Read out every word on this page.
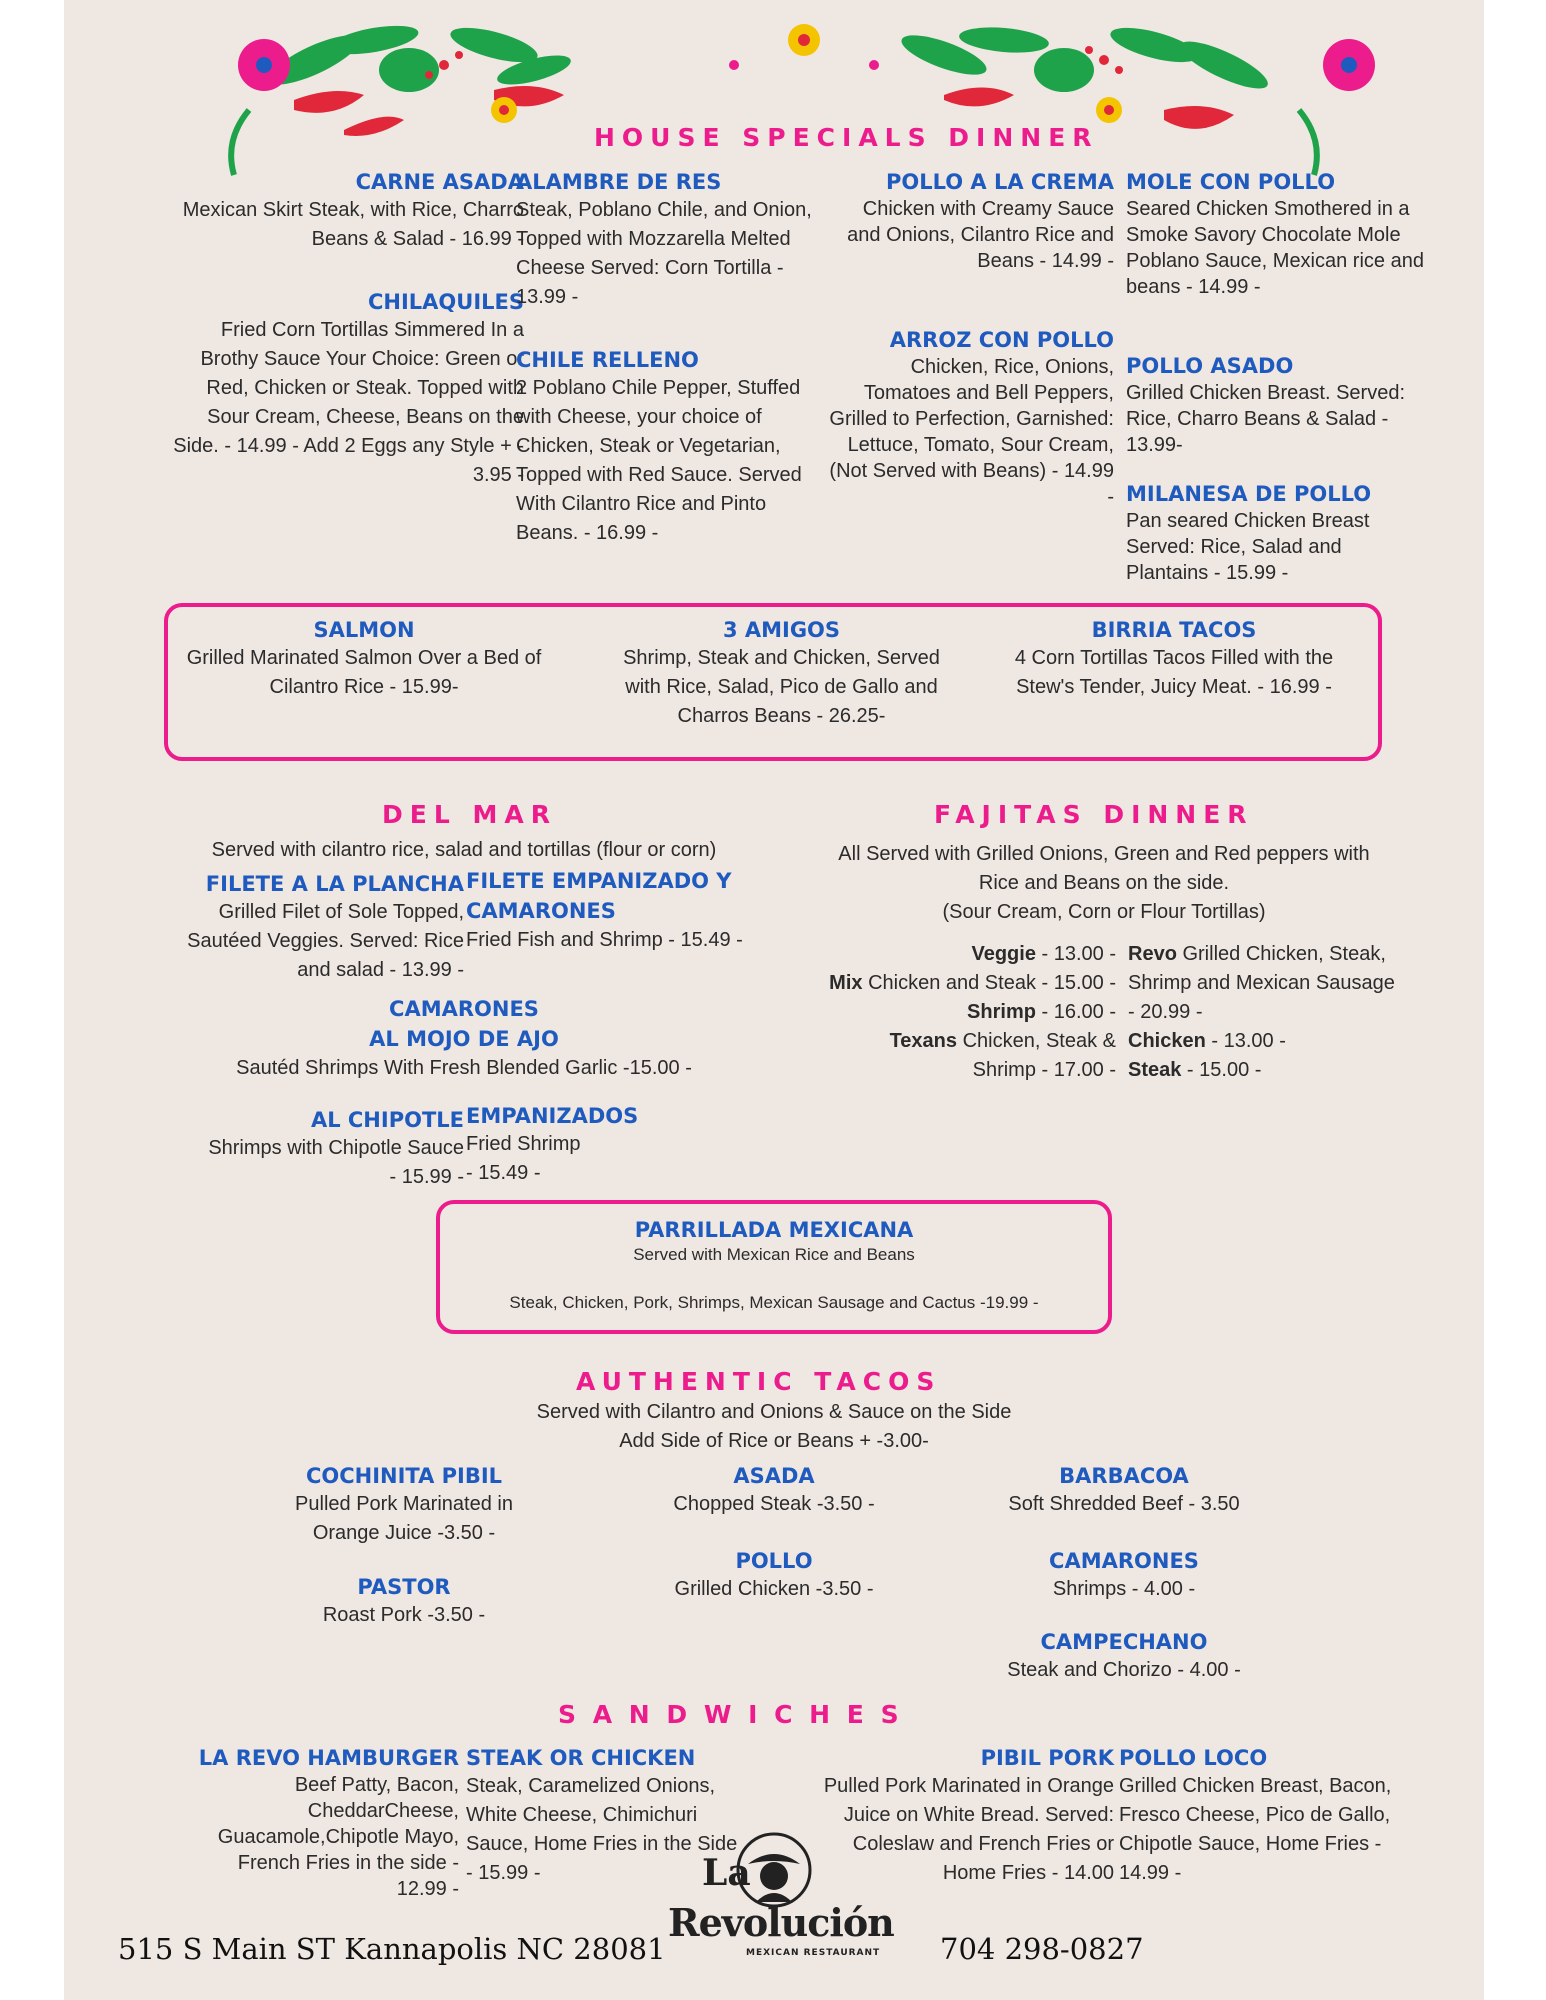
HOUSE SPECIALS DINNER
CARNE ASADA
Mexican Skirt Steak, with Rice, Charro Beans & Salad - 16.99 -
CHILAQUILES
Fried Corn Tortillas Simmered In a Brothy Sauce Your Choice: Green or Red, Chicken or Steak. Topped with Sour Cream, Cheese, Beans on the Side. - 14.99 - Add 2 Eggs any Style + - 3.95 -
ALAMBRE DE RES
Steak, Poblano Chile, and Onion, Topped with Mozzarella Melted Cheese Served: Corn Tortilla - 13.99 -
CHILE RELLENO
2 Poblano Chile Pepper, Stuffed with Cheese, your choice of Chicken, Steak or Vegetarian, Topped with Red Sauce. Served With Cilantro Rice and Pinto Beans. - 16.99 -
POLLO A LA CREMA
Chicken with Creamy Sauce and Onions, Cilantro Rice and Beans - 14.99 -
ARROZ CON POLLO
Chicken, Rice, Onions, Tomatoes and Bell Peppers, Grilled to Perfection, Garnished: Lettuce, Tomato, Sour Cream, (Not Served with Beans) - 14.99 -
MOLE CON POLLO
Seared Chicken Smothered in a Smoke Savory Chocolate Mole Poblano Sauce, Mexican rice and beans - 14.99 -
POLLO ASADO
Grilled Chicken Breast. Served: Rice, Charro Beans & Salad - 13.99-
MILANESA DE POLLO
Pan seared Chicken Breast Served: Rice, Salad and Plantains - 15.99 -
SALMON
Grilled Marinated Salmon Over a Bed of Cilantro Rice - 15.99-
3 AMIGOS
Shrimp, Steak and Chicken, Served with Rice, Salad, Pico de Gallo and Charros Beans - 26.25-
BIRRIA TACOS
4 Corn Tortillas Tacos Filled with the Stew's Tender, Juicy Meat. - 16.99 -
DEL MAR
Served with cilantro rice, salad and tortillas (flour or corn)
FILETE A LA PLANCHA
Grilled Filet of Sole Topped, Sautéed Veggies. Served: Rice and salad - 13.99 -
FILETE EMPANIZADO Y CAMARONES
Fried Fish and Shrimp - 15.49 -
CAMARONES
AL MOJO DE AJO
Sautéd Shrimps With Fresh Blended Garlic -15.00 -
AL CHIPOTLE
Shrimps with Chipotle Sauce
- 15.99 -
EMPANIZADOS
Fried Shrimp
- 15.49 -
FAJITAS DINNER
All Served with Grilled Onions, Green and Red peppers with
Rice and Beans on the side.
(Sour Cream, Corn or Flour Tortillas)
Veggie - 13.00 -
Mix Chicken and Steak - 15.00 -
Shrimp - 16.00 -
Texans Chicken, Steak &
Shrimp - 17.00 -
Revo Grilled Chicken, Steak,
Shrimp and Mexican Sausage
- 20.99 -
Chicken - 13.00 -
Steak - 15.00 -
PARRILLADA MEXICANA
Served with Mexican Rice and Beans
Steak, Chicken, Pork, Shrimps, Mexican Sausage and Cactus -19.99 -
AUTHENTIC TACOS
Served with Cilantro and Onions & Sauce on the Side
Add Side of Rice or Beans + -3.00-
COCHINITA PIBIL
Pulled Pork Marinated in
Orange Juice -3.50 -
PASTOR
Roast Pork -3.50 -
ASADA
Chopped Steak -3.50 -
POLLO
Grilled Chicken -3.50 -
BARBACOA
Soft Shredded Beef - 3.50
CAMARONES
Shrimps - 4.00 -
CAMPECHANO
Steak and Chorizo - 4.00 -
S A N D W I C H E S
LA REVO HAMBURGER
Beef Patty, Bacon, CheddarCheese, Guacamole,Chipotle Mayo, French Fries in the side - 12.99 -
STEAK OR CHICKEN
Steak, Caramelized Onions, White Cheese, Chimichuri Sauce, Home Fries in the Side - 15.99 -
PIBIL PORK
Pulled Pork Marinated in Orange Juice on White Bread. Served: Coleslaw and French Fries or Home Fries - 14.00
POLLO LOCO
Grilled Chicken Breast, Bacon, Fresco Cheese, Pico de Gallo, Chipotle Sauce, Home Fries - 14.99 -
La
Revolución
MEXICAN RESTAURANT
515 S Main ST Kannapolis NC 28081	704 298-0827
